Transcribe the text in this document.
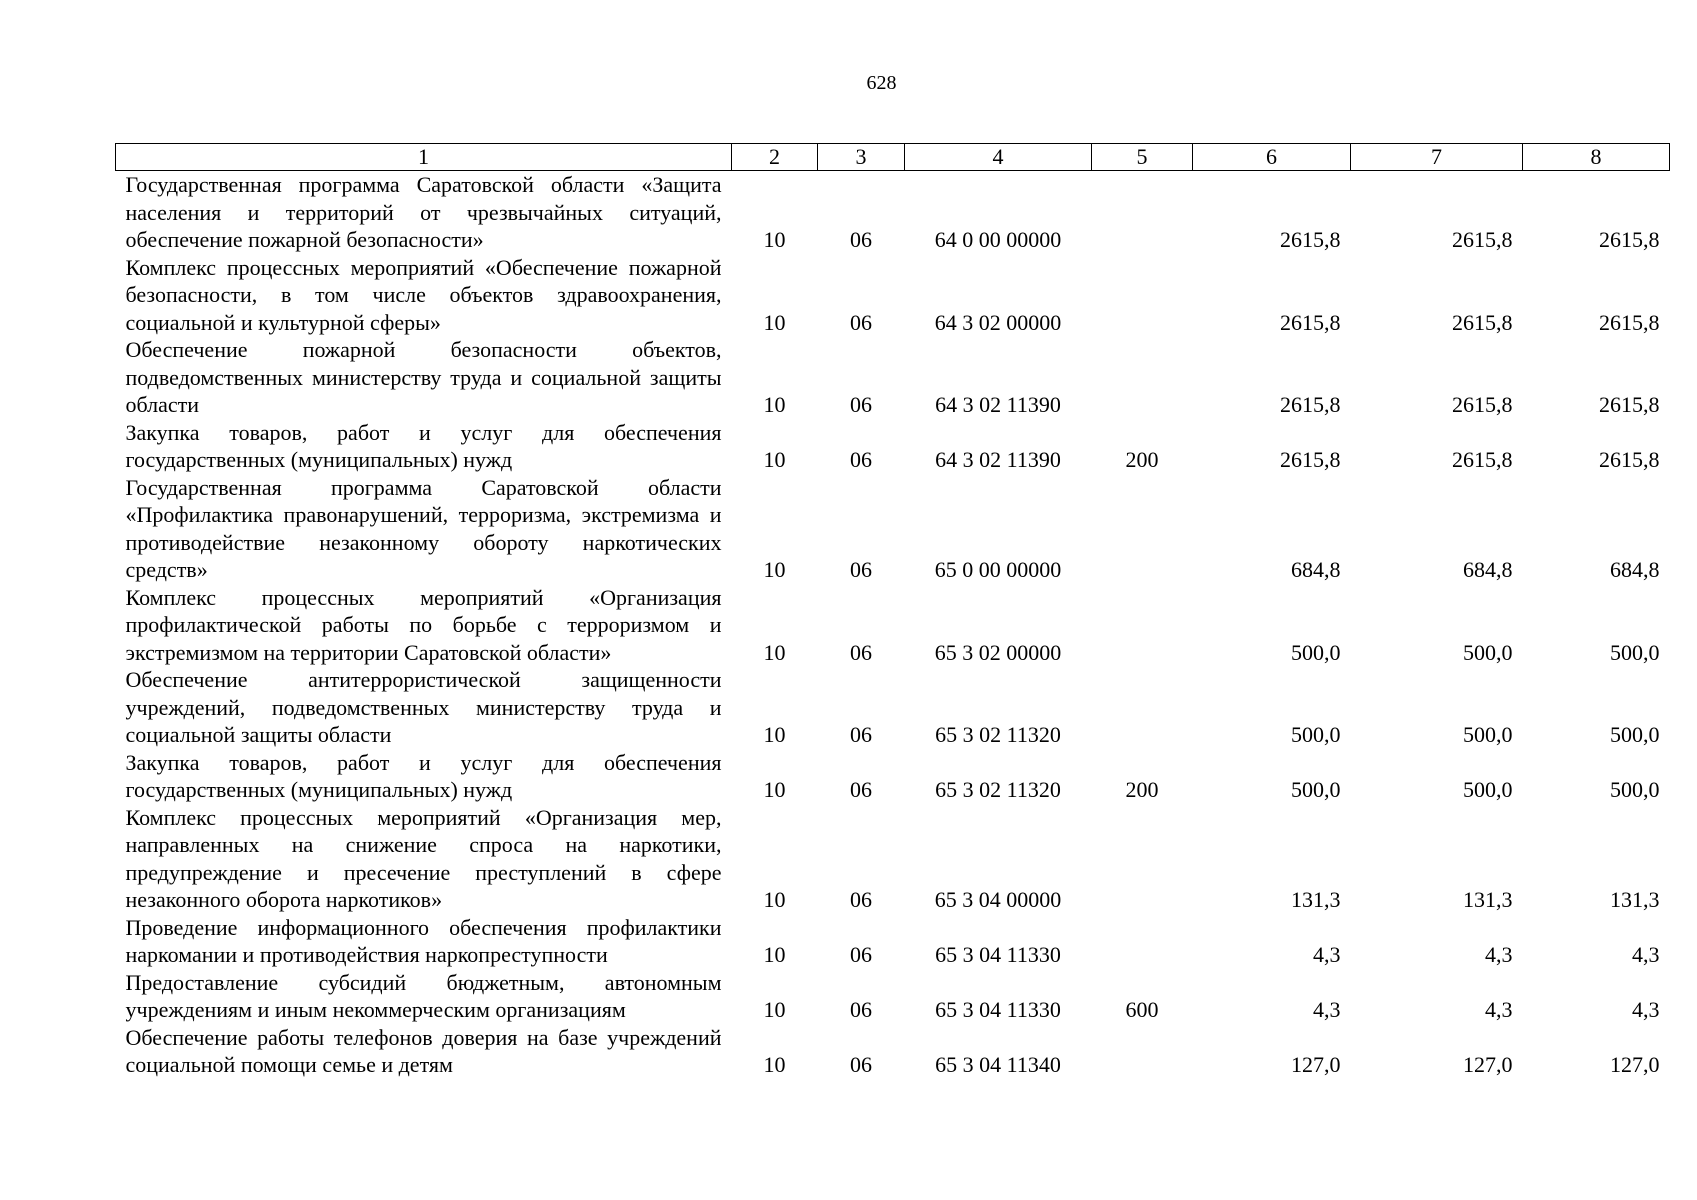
628
1	2	3	4	5	6	7	8
Государственная программа Саратовской области «Защита населения и территорий от чрезвычайных ситуаций, обеспечение пожарной безопасности»	10	06	64 0 00 00000		2615,8	2615,8	2615,8
Комплекс процессных мероприятий «Обеспечение пожарной безопасности, в том числе объектов здравоохранения, социальной и культурной сферы»	10	06	64 3 02 00000		2615,8	2615,8	2615,8
Обеспечение пожарной безопасности объектов, подведомственных министерству труда и социальной защиты области	10	06	64 3 02 11390		2615,8	2615,8	2615,8
Закупка товаров, работ и услуг для обеспечения государственных (муниципальных) нужд	10	06	64 3 02 11390	200	2615,8	2615,8	2615,8
Государственная программа Саратовской области «Профилактика правонарушений, терроризма, экстремизма и противодействие незаконному обороту наркотических средств»	10	06	65 0 00 00000		684,8	684,8	684,8
Комплекс процессных мероприятий «Организация профилактической работы по борьбе с терроризмом и экстремизмом на территории Саратовской области»	10	06	65 3 02 00000		500,0	500,0	500,0
Обеспечение антитеррористической защищенности учреждений, подведомственных министерству труда и социальной защиты области	10	06	65 3 02 11320		500,0	500,0	500,0
Закупка товаров, работ и услуг для обеспечения государственных (муниципальных) нужд	10	06	65 3 02 11320	200	500,0	500,0	500,0
Комплекс процессных мероприятий «Организация мер, направленных на снижение спроса на наркотики, предупреждение и пресечение преступлений в сфере незаконного оборота наркотиков»	10	06	65 3 04 00000		131,3	131,3	131,3
Проведение информационного обеспечения профилактики наркомании и противодействия наркопреступности	10	06	65 3 04 11330		4,3	4,3	4,3
Предоставление субсидий бюджетным, автономным учреждениям и иным некоммерческим организациям	10	06	65 3 04 11330	600	4,3	4,3	4,3
Обеспечение работы телефонов доверия на базе учреждений социальной помощи семье и детям	10	06	65 3 04 11340		127,0	127,0	127,0
